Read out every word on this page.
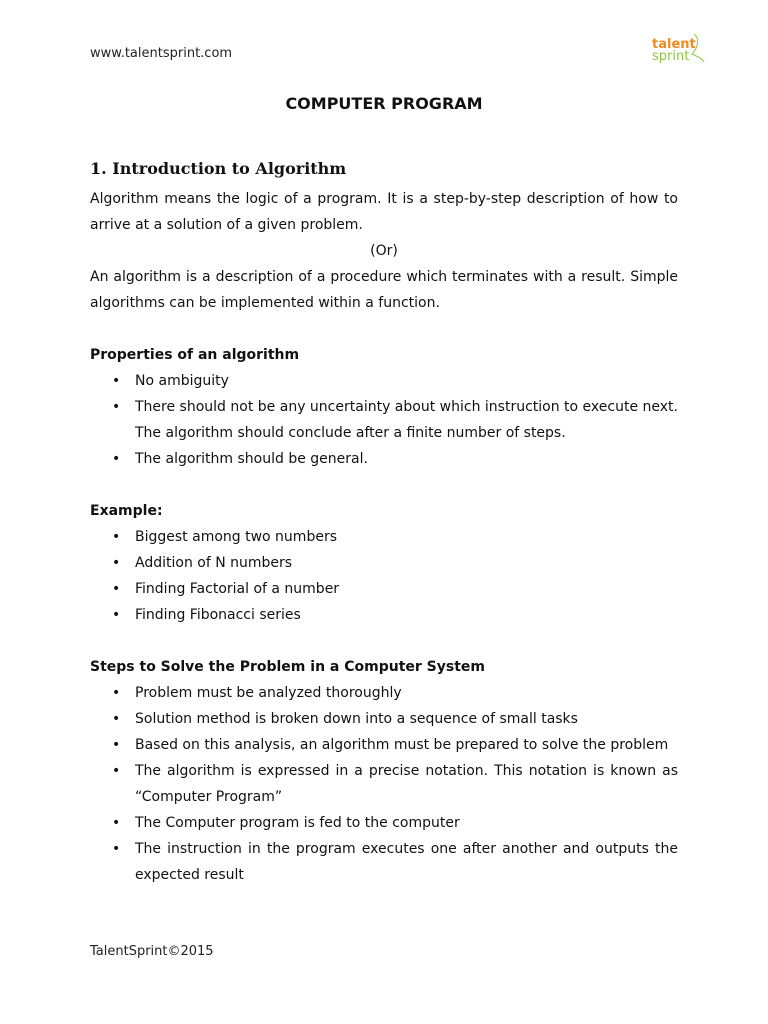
www.talentsprint.com
talent
sprint
COMPUTER PROGRAM
1. Introduction to Algorithm

Algorithm means the logic of a program. It is a step-by-step description of how to arrive at a solution of a given problem.

(Or)

An algorithm is a description of a procedure which terminates with a result. Simple algorithms can be implemented within a function.

Properties of an algorithm

• No ambiguity
• There should not be any uncertainty about which instruction to execute next. The algorithm should conclude after a finite number of steps.
• The algorithm should be general.

Example:

• Biggest among two numbers
• Addition of N numbers
• Finding Factorial of a number
• Finding Fibonacci series

Steps to Solve the Problem in a Computer System

• Problem must be analyzed thoroughly
• Solution method is broken down into a sequence of small tasks
• Based on this analysis, an algorithm must be prepared to solve the problem
• The algorithm is expressed in a precise notation. This notation is known as “Computer Program”
• The Computer program is fed to the computer
• The instruction in the program executes one after another and outputs the expected result
TalentSprint©2015
